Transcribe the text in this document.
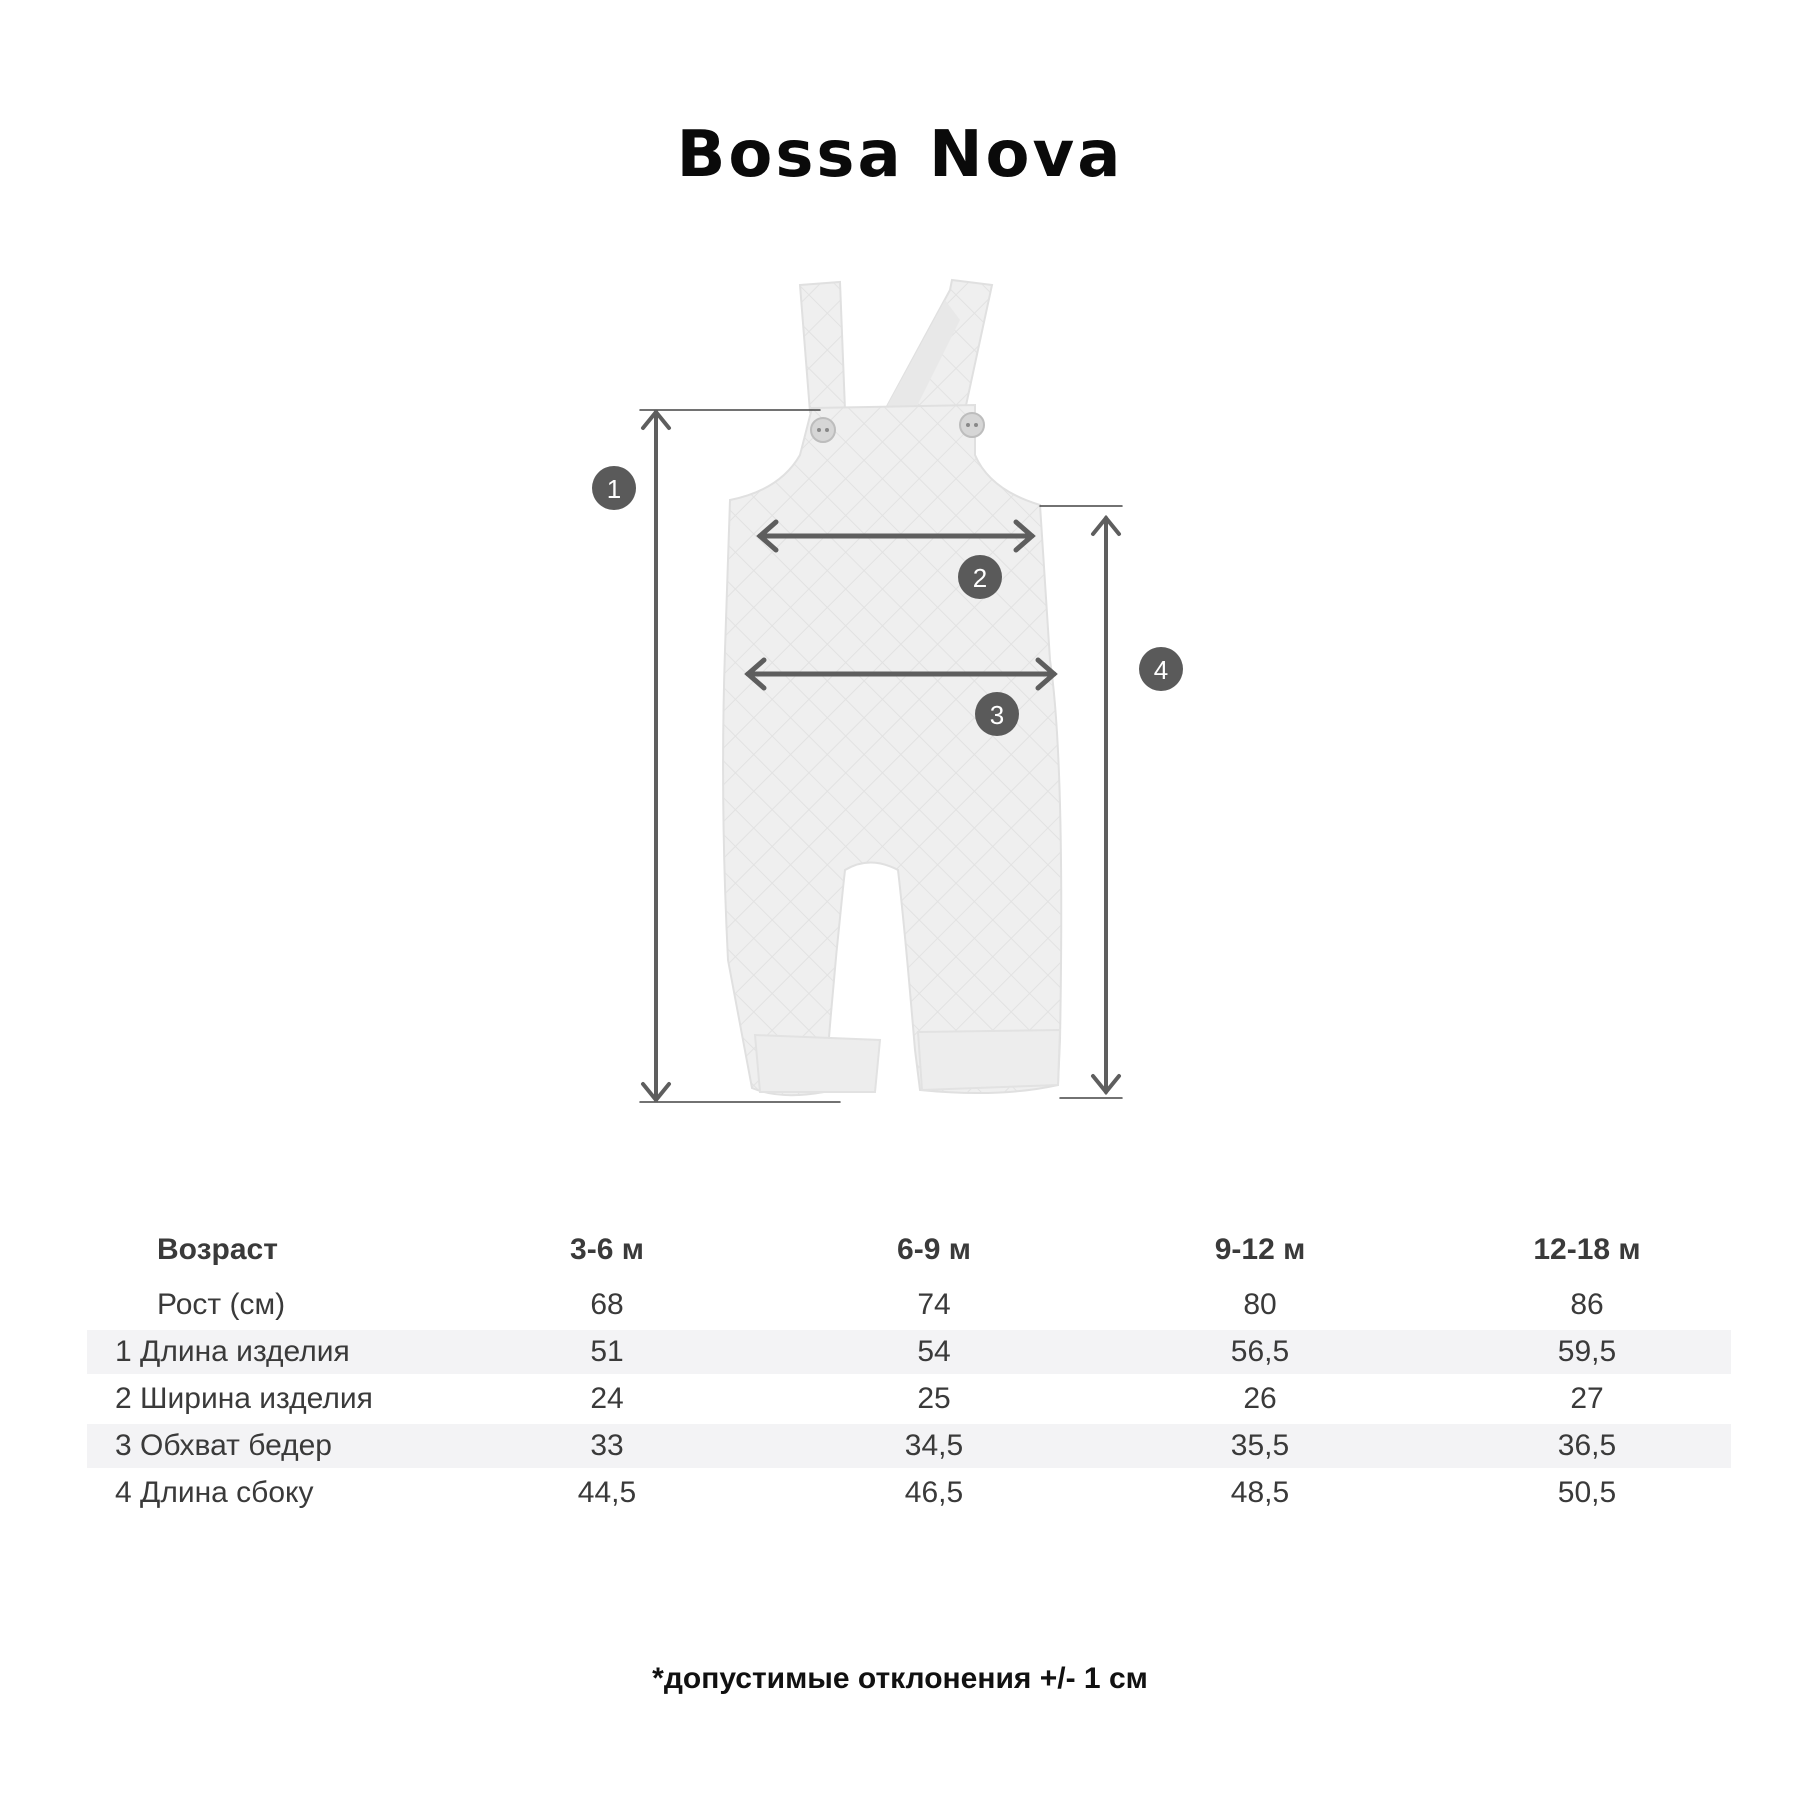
Bossa Nova
1
2
3
4
Возраст	3-6 м	6-9 м	9-12 м	12-18 м
Рост (см)	68	74	80	86
1 Длина изделия	51	54	56,5	59,5
2 Ширина изделия	24	25	26	27
3 Обхват бедер	33	34,5	35,5	36,5
4 Длина сбоку	44,5	46,5	48,5	50,5
*допустимые отклонения +/- 1 см
